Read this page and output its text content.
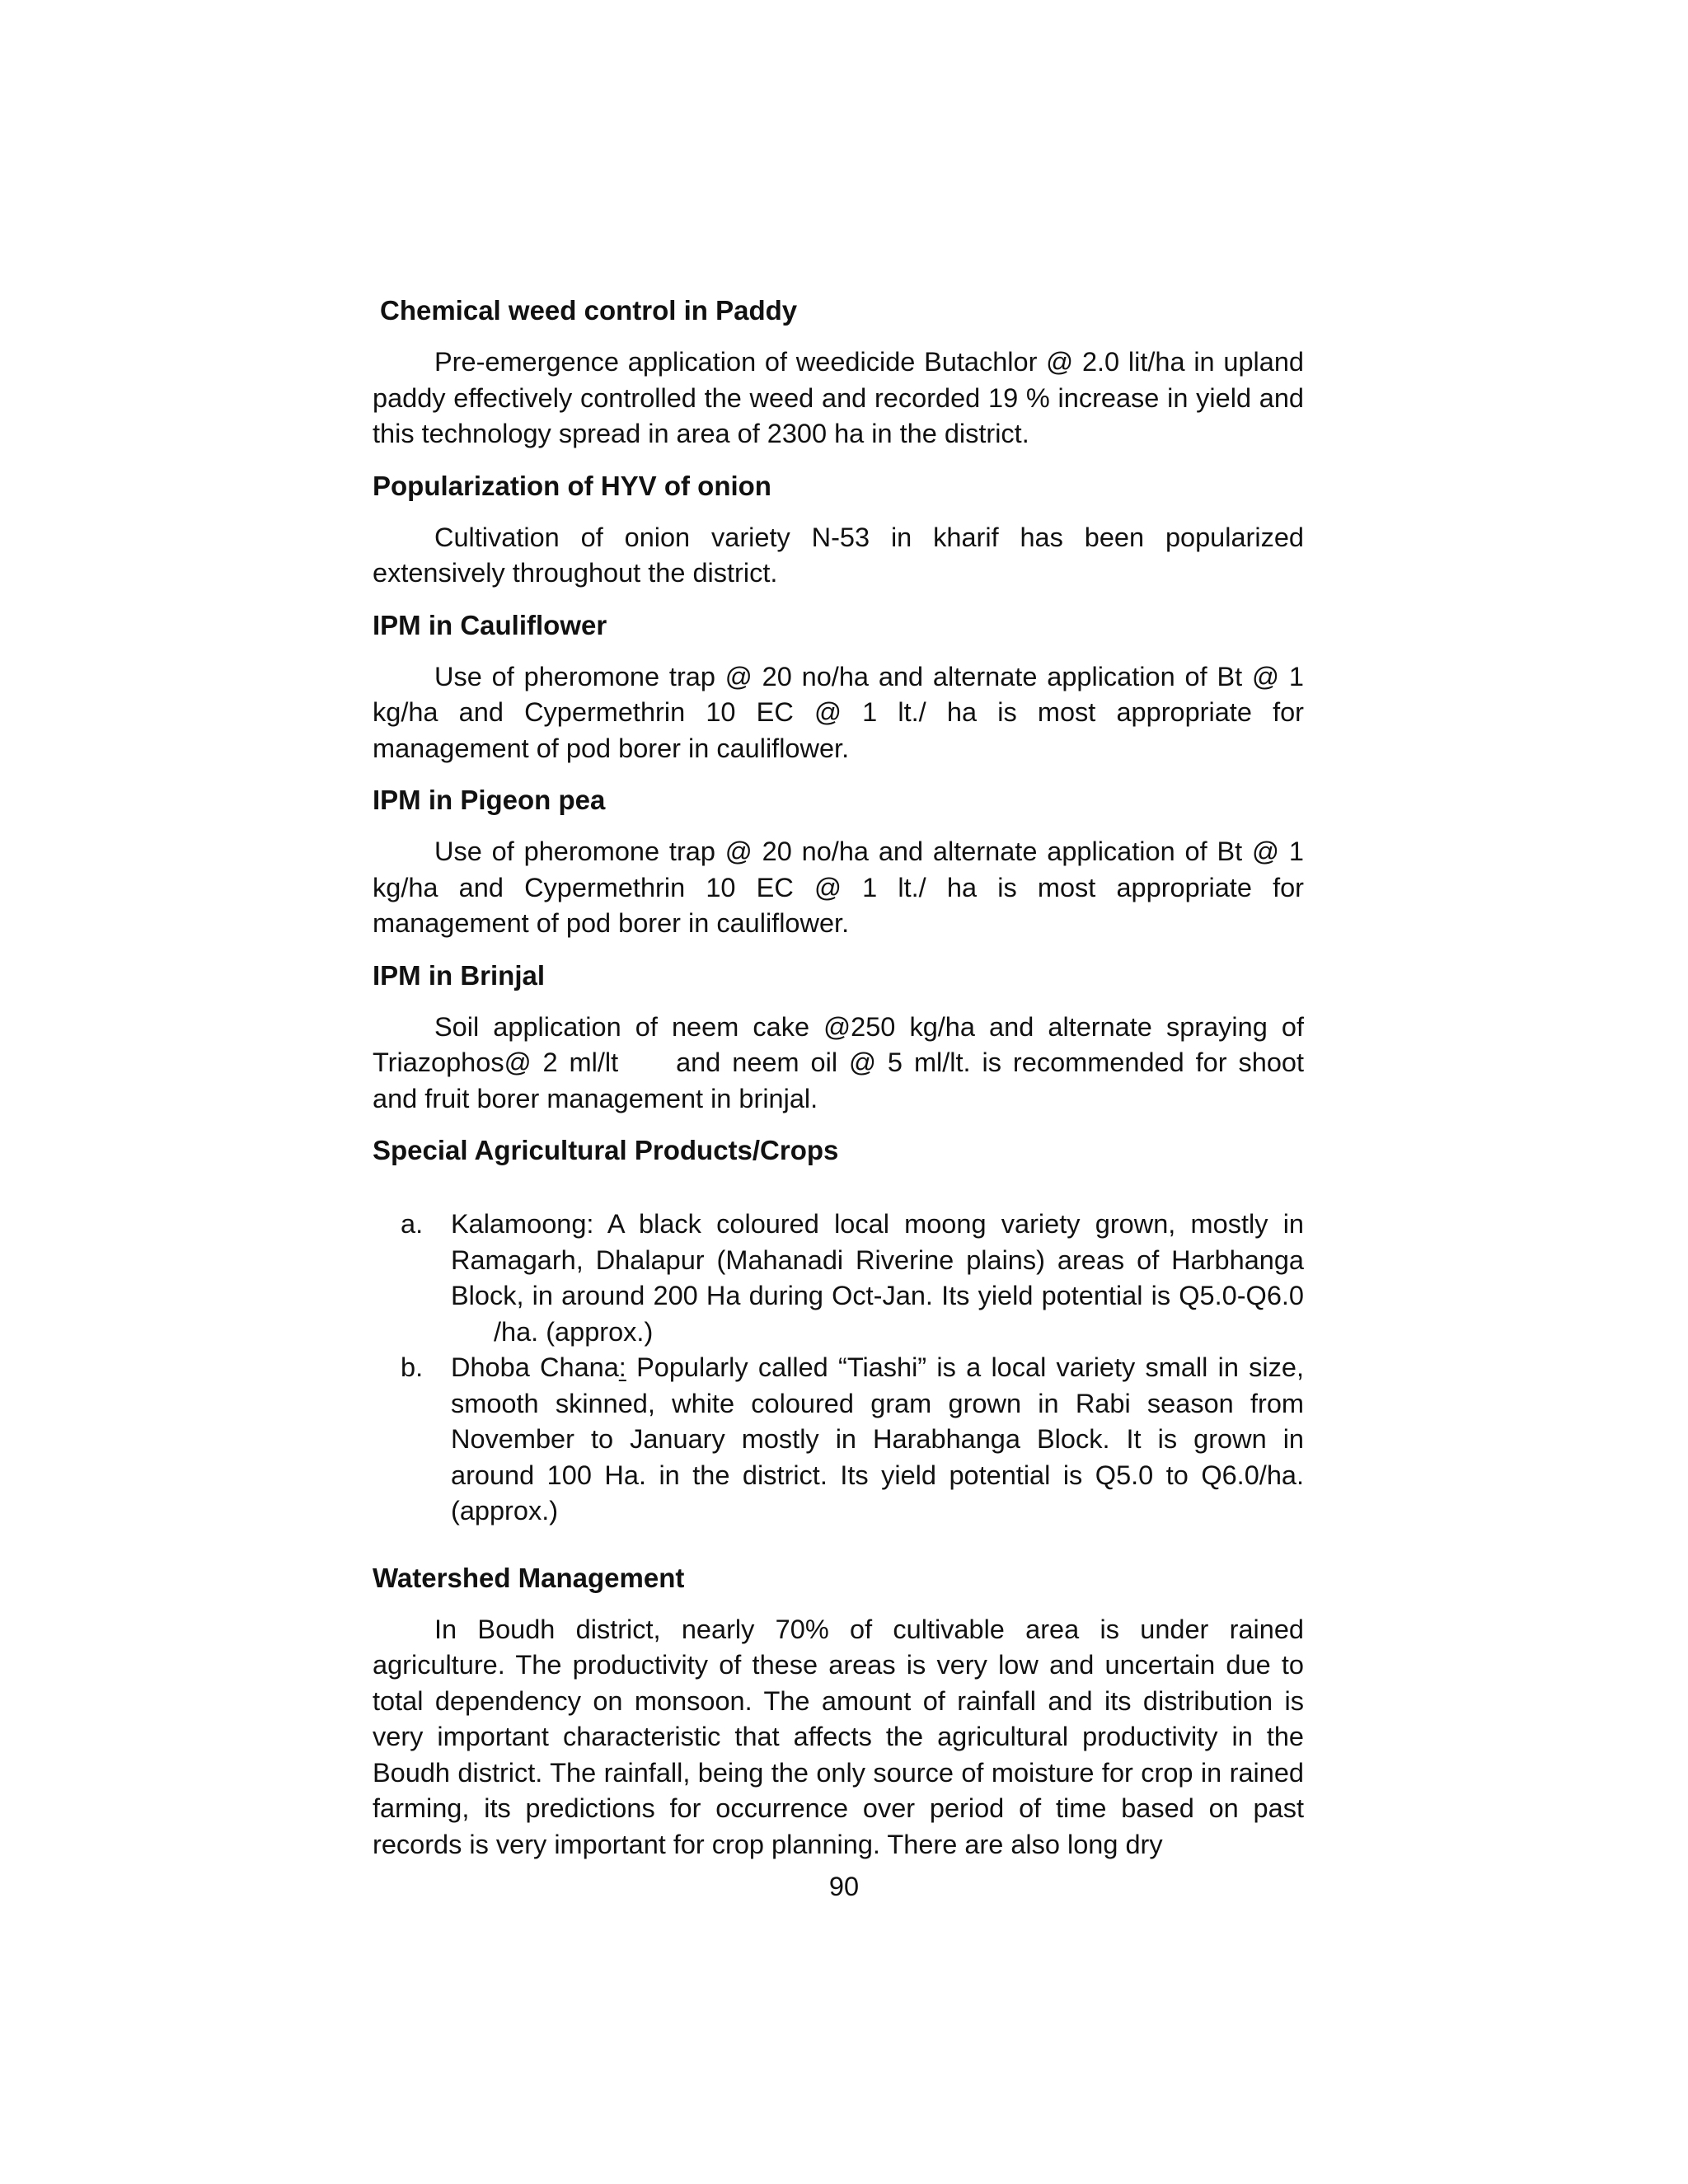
Chemical weed control in Paddy

Pre-emergence application of weedicide Butachlor @ 2.0 lit/ha in upland paddy effectively controlled the weed and recorded 19 % increase in yield and this technology spread in area of 2300 ha in the district.

Popularization of HYV of onion

Cultivation of onion variety N-53 in kharif has been popularized extensively throughout the district.

IPM in Cauliflower

Use of pheromone trap @ 20 no/ha and alternate application of Bt @ 1 kg/ha and Cypermethrin 10 EC @ 1 lt./ ha is most appropriate for management of pod borer in cauliflower.

IPM in Pigeon pea

Use of pheromone trap @ 20 no/ha and alternate application of Bt @ 1 kg/ha and Cypermethrin 10 EC @ 1 lt./ ha is most appropriate for management of pod borer in cauliflower.

IPM in Brinjal

Soil application of neem cake @250 kg/ha and alternate spraying of Triazophos@ 2 ml/lt and neem oil @ 5 ml/lt. is recommended for shoot and fruit borer management in brinjal.

Special Agricultural Products/Crops
a. Kalamoong: A black coloured local moong variety grown, mostly in Ramagarh, Dhalapur (Mahanadi Riverine plains) areas of Harbhanga Block, in around 200 Ha during Oct-Jan. Its yield potential is Q5.0-Q6.0/ha. (approx.)
b. Dhoba Chana: Popularly called “Tiashi” is a local variety small in size, smooth skinned, white coloured gram grown in Rabi season from November to January mostly in Harabhanga Block. It is grown in around 100 Ha. in the district. Its yield potential is Q5.0 to Q6.0/ha. (approx.)
Watershed Management

In Boudh district, nearly 70% of cultivable area is under rained agriculture. The productivity of these areas is very low and uncertain due to total dependency on monsoon. The amount of rainfall and its distribution is very important characteristic that affects the agricultural productivity in the Boudh district. The rainfall, being the only source of moisture for crop in rained farming, its predictions for occurrence over period of time based on past records is very important for crop planning. There are also long dry

90
